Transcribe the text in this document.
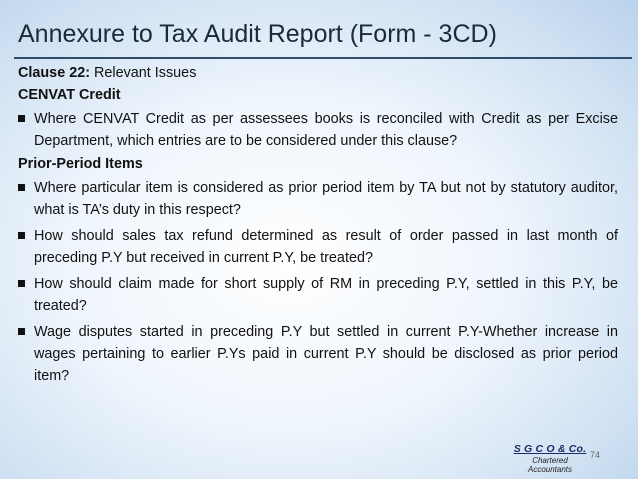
Annexure to Tax Audit Report (Form - 3CD)

Clause 22: Relevant Issues

CENVAT Credit

Where CENVAT Credit as per assessees books is reconciled with Credit as per Excise Department, which entries are to be considered under this clause?

Prior-Period Items

Where particular item is considered as prior period item by TA but not by statutory auditor, what is TA’s duty in this respect?
How should sales tax refund determined as result of order passed in last month of preceding P.Y but received in current P.Y, be treated?
How should claim made for short supply of RM in preceding P.Y, settled in this P.Y, be treated?
Wage disputes started in preceding P.Y but settled in current P.Y-Whether increase in wages pertaining to earlier P.Ys paid in current P.Y should be disclosed as prior period item?
S G C O & Co.
Chartered Accountants
74
